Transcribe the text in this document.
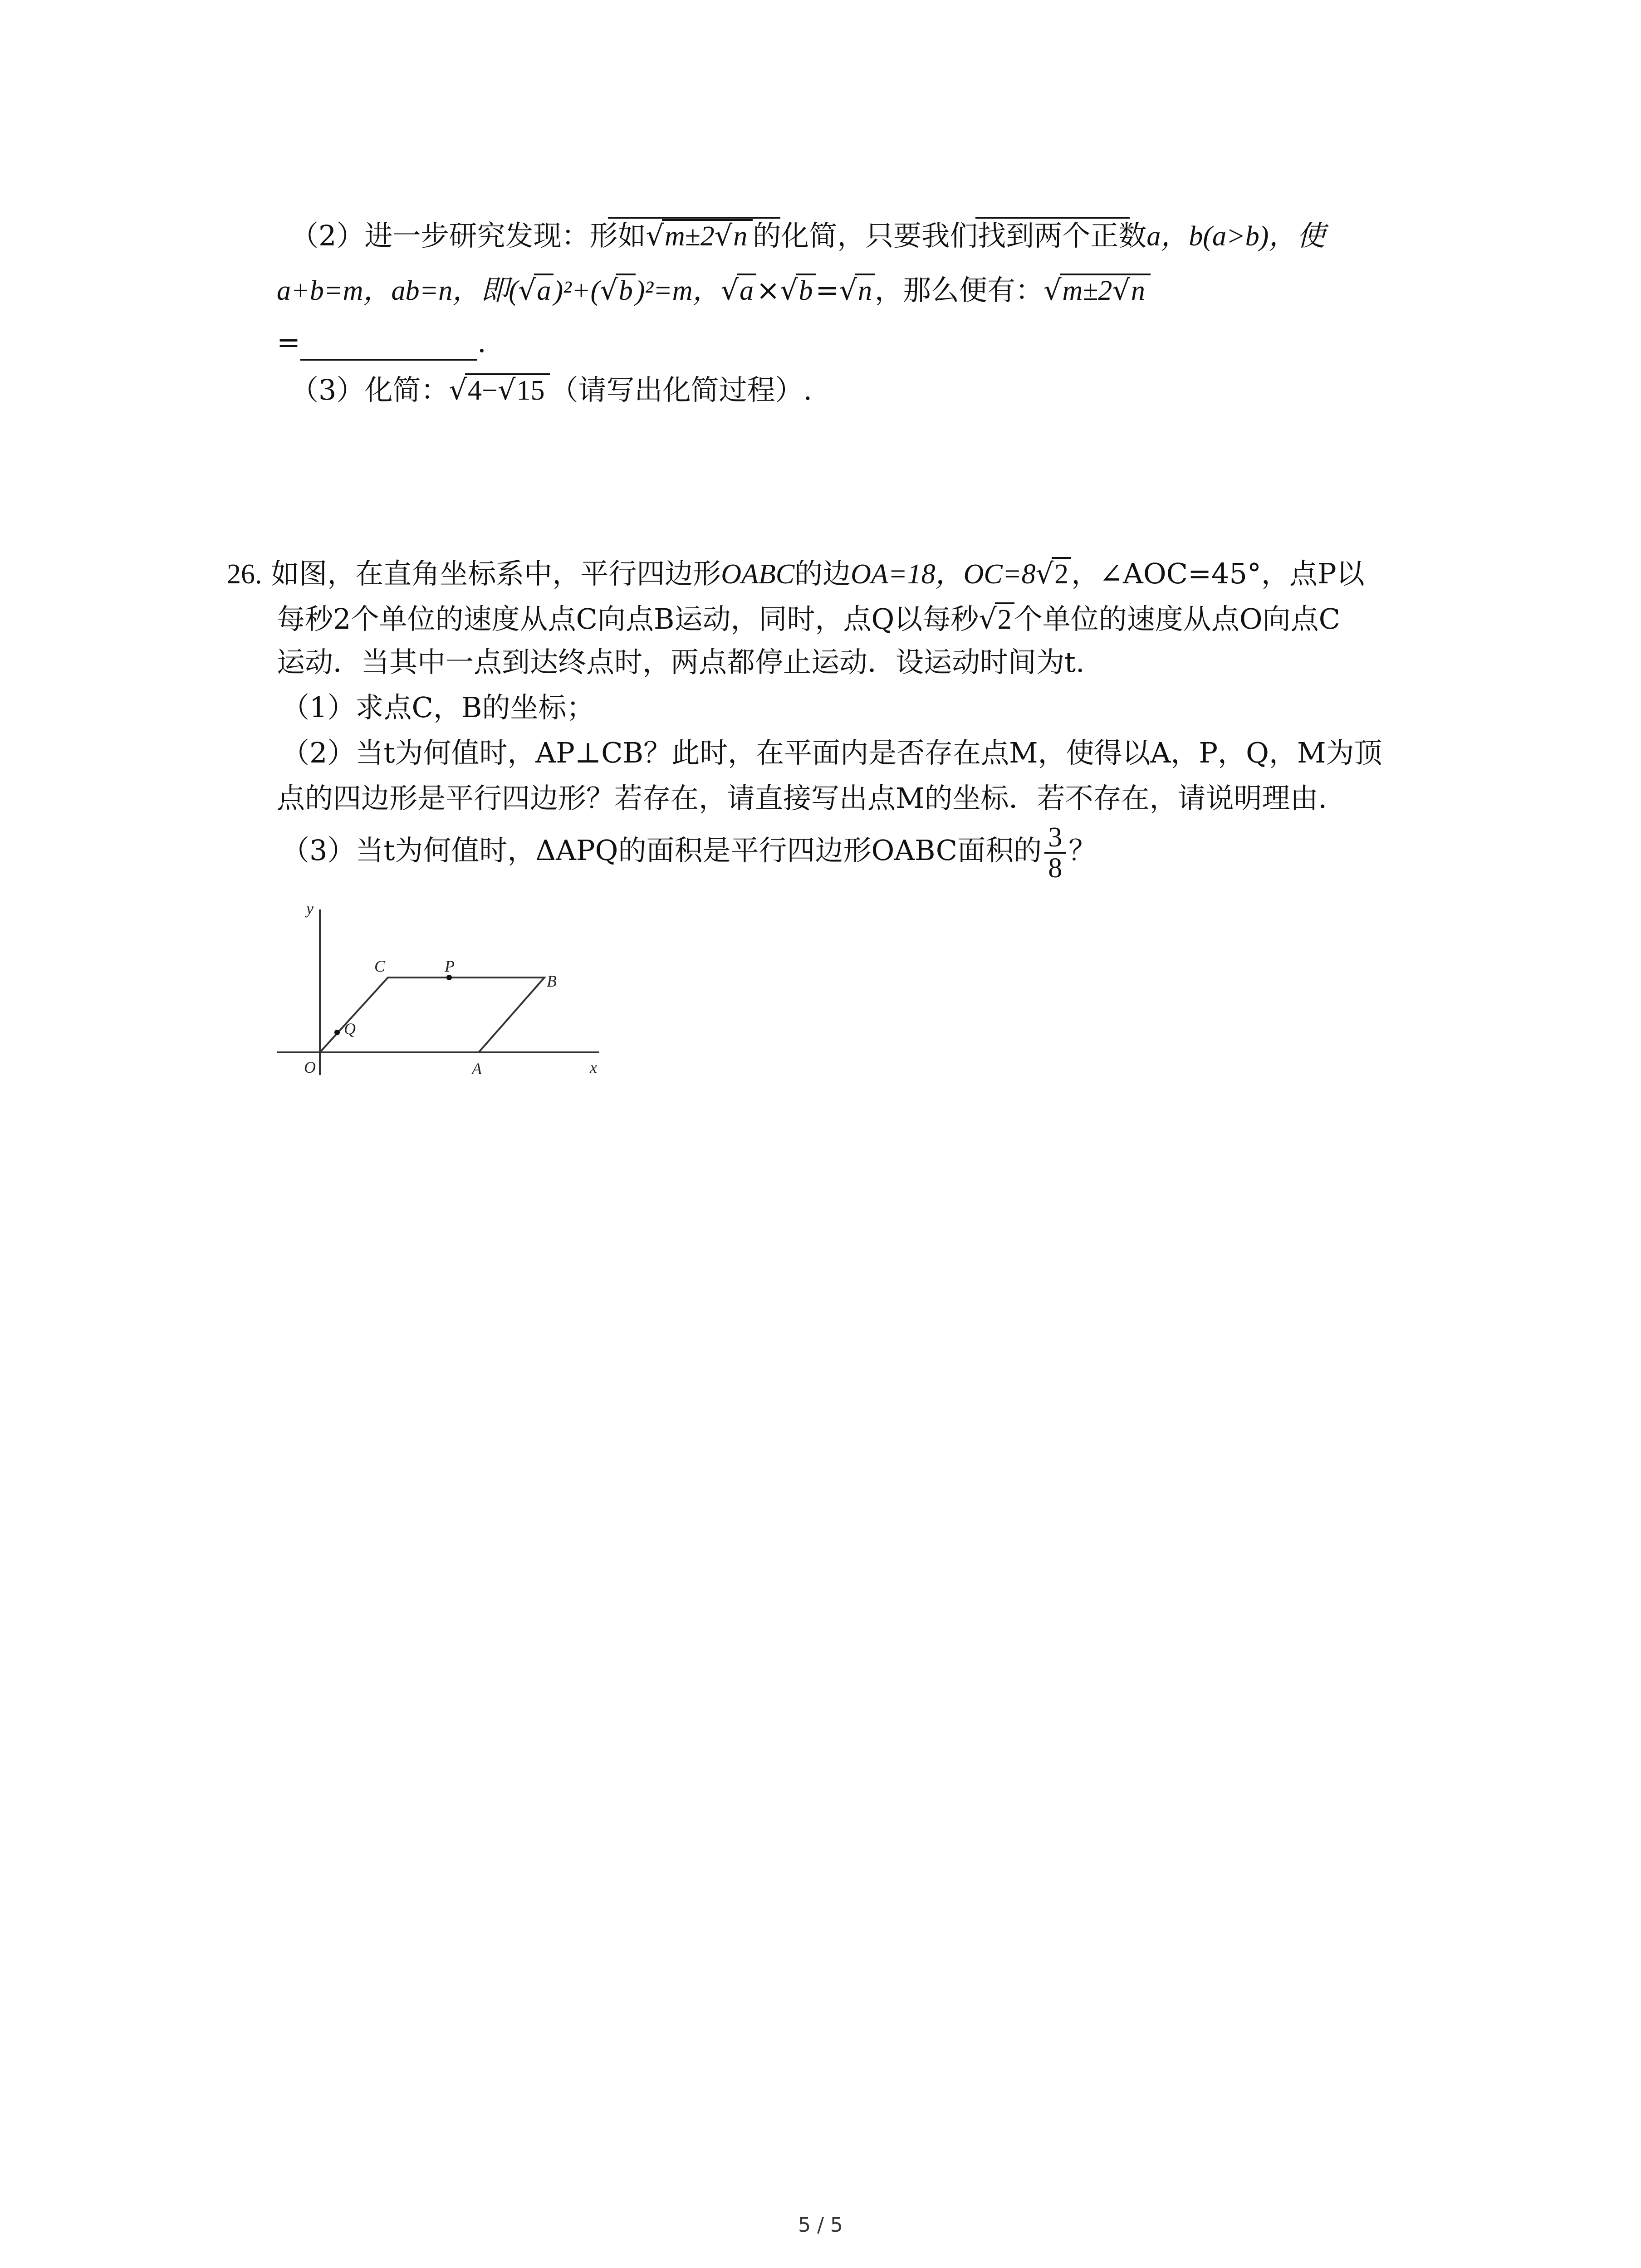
（2）进一步研究发现：形如√m±2√n 的化简，只要我们找到两个正数a，b(a>b)，使
a+b=m，ab=n，即(√a)²+(√b)²=m，√a×√b=√n，那么便有：√m±2√n
=	.
（3）化简：√4−√15 （请写出化简过程）.
26. 如图，在直角坐标系中，平行四边形OABC的边OA=18，OC=8√2，∠AOC=45°，点P以
每秒2个单位的速度从点C向点B运动，同时，点Q以每秒√2个单位的速度从点O向点C
运动．当其中一点到达终点时，两点都停止运动．设运动时间为t.
（1）求点C，B的坐标；
（2）当t为何值时，AP⊥CB？此时，在平面内是否存在点M，使得以A，P，Q，M为顶
点的四边形是平行四边形？若存在，请直接写出点M的坐标．若不存在，请说明理由．
（3）当t为何值时，ΔAPQ的面积是平行四边形OABC面积的 $\frac{3}{8}$ ？
y
x
O	A
B
C	P
Q
5 / 5
